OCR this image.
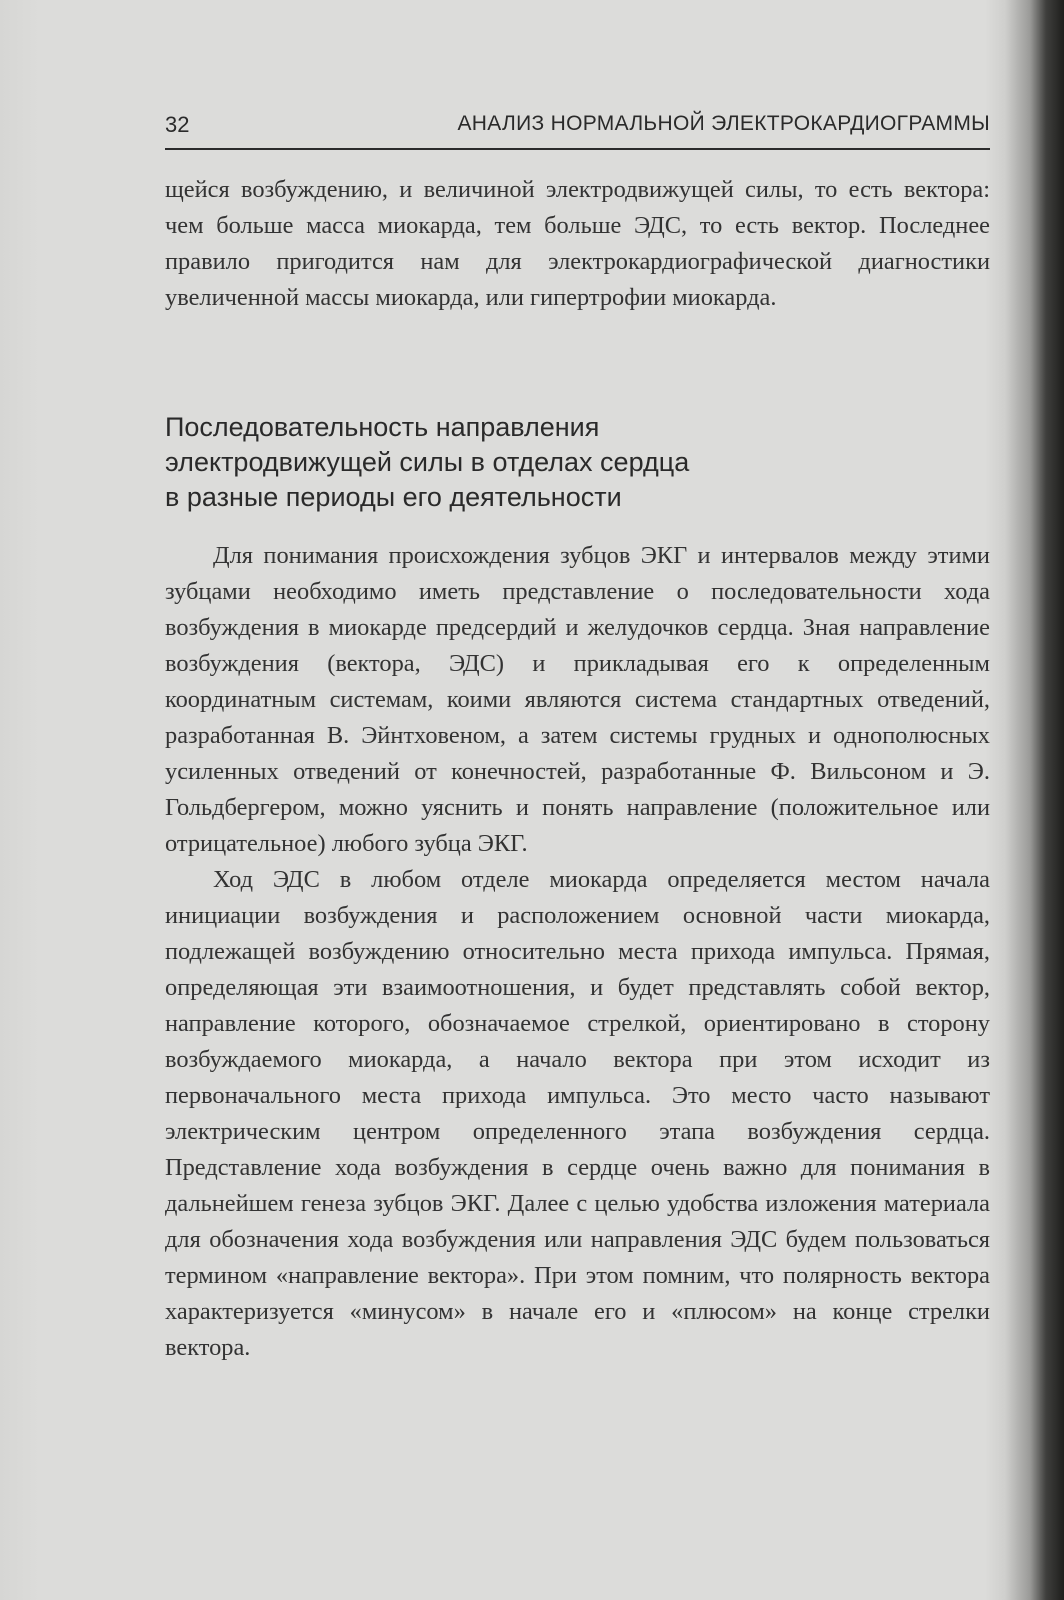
32	АНАЛИЗ НОРМАЛЬНОЙ ЭЛЕКТРОКАРДИОГРАММЫ

щейся возбуждению, и величиной электродвижущей силы, то есть вектора: чем больше масса миокарда, тем больше ЭДС, то есть вектор. Последнее правило пригодится нам для электрокардиографической диагностики увеличенной массы миокарда, или гипертрофии миокарда.

Последовательность направления
электродвижущей силы в отделах сердца
в разные периоды его деятельности

Для понимания происхождения зубцов ЭКГ и интервалов между этими зубцами необходимо иметь представление о последовательности хода возбуждения в миокарде предсердий и желудочков сердца. Зная направление возбуждения (вектора, ЭДС) и прикладывая его к определенным координатным системам, коими являются система стандартных отведений, разработанная В. Эйнтховеном, а затем системы грудных и однополюсных усиленных отведений от конечностей, разработанные Ф. Вильсоном и Э. Гольдбергером, можно уяснить и понять направление (положительное или отрицательное) любого зубца ЭКГ.

Ход ЭДС в любом отделе миокарда определяется местом начала инициации возбуждения и расположением основной части миокарда, подлежащей возбуждению относительно места прихода импульса. Прямая, определяющая эти взаимоотношения, и будет представлять собой вектор, направление которого, обозначаемое стрелкой, ориентировано в сторону возбуждаемого миокарда, а начало вектора при этом исходит из первоначального места прихода импульса. Это место часто называют электрическим центром определенного этапа возбуждения сердца. Представление хода возбуждения в сердце очень важно для понимания в дальнейшем генеза зубцов ЭКГ. Далее с целью удобства изложения материала для обозначения хода возбуждения или направления ЭДС будем пользоваться термином «направление вектора». При этом помним, что полярность вектора характеризуется «минусом» в начале его и «плюсом» на конце стрелки вектора.
